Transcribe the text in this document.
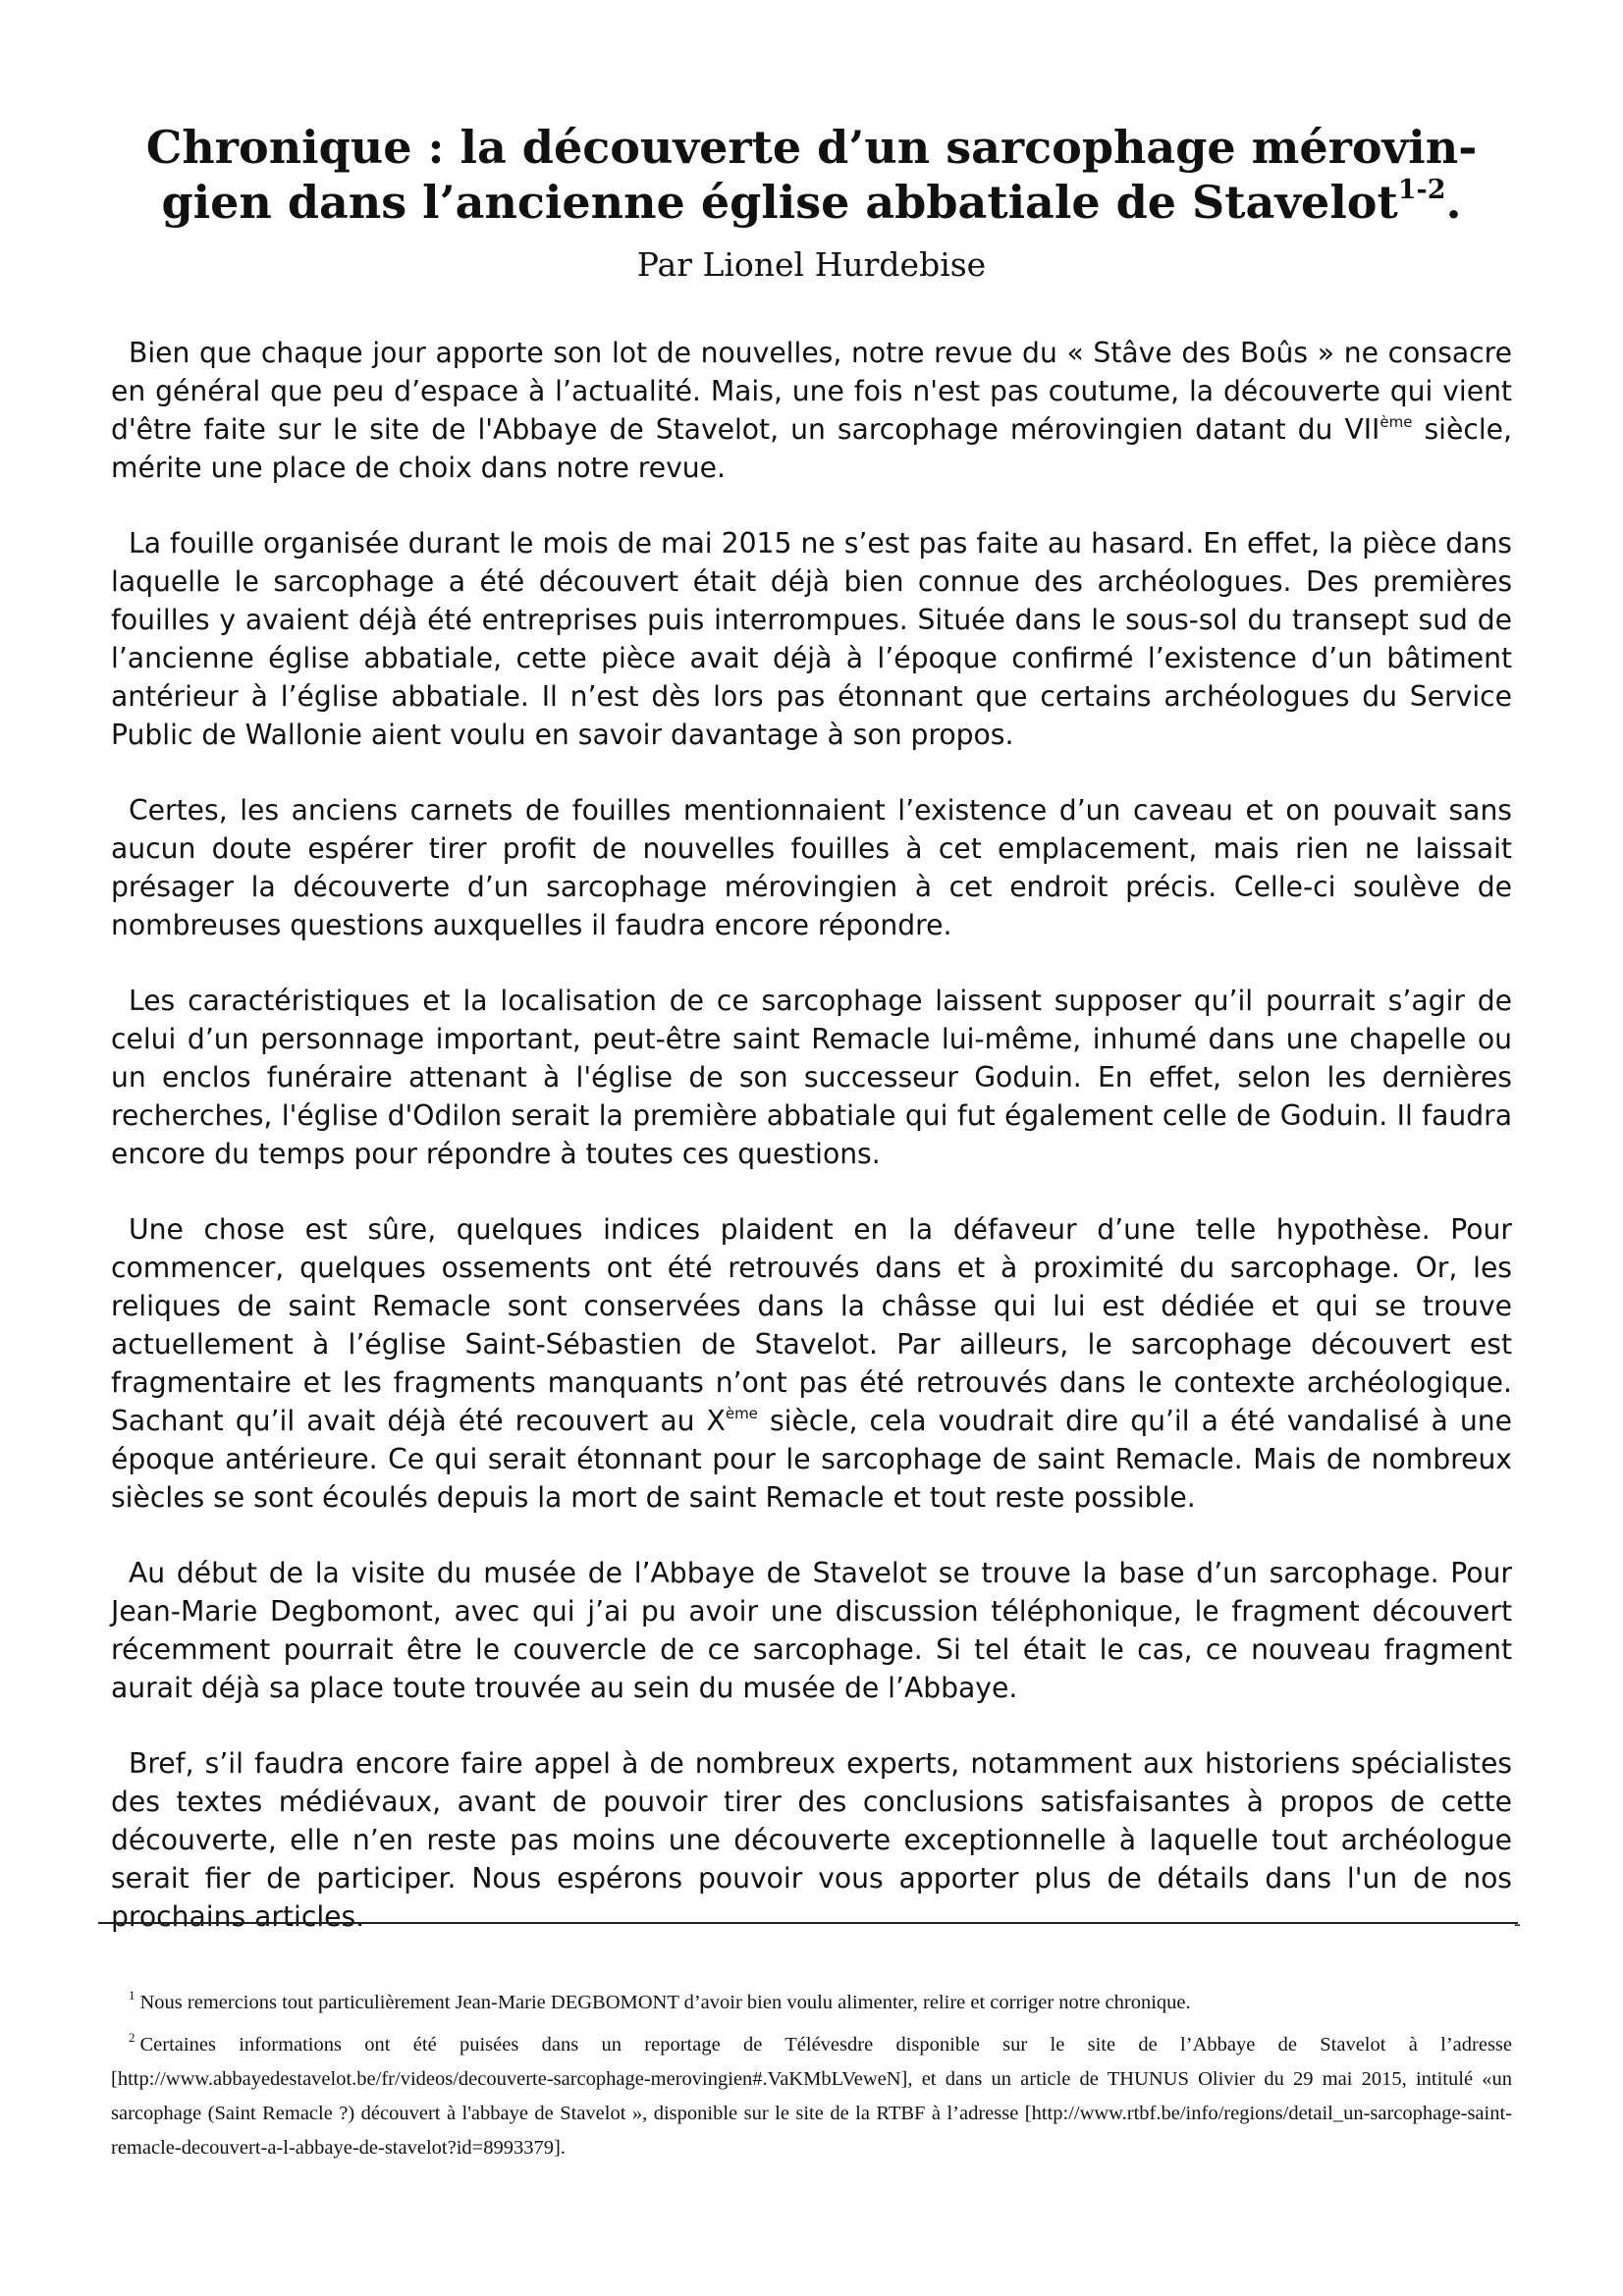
Chronique : la découverte d’un sarcophage mérovin-
gien dans l’ancienne église abbatiale de Stavelot$^{1-2}$.
Par Lionel Hurdebise

Bien que chaque jour apporte son lot de nouvelles, notre revue du « Stâve des Boûs » ne consacre en général que peu d’espace à l’actualité. Mais, une fois n'est pas coutume, la découverte qui vient d'être faite sur le site de l'Abbaye de Stavelot, un sarcophage mérovingien datant du VIIème siècle, mérite une place de choix dans notre revue.

La fouille organisée durant le mois de mai 2015 ne s’est pas faite au hasard. En effet, la pièce dans laquelle le sarcophage a été découvert était déjà bien connue des archéologues. Des premières fouilles y avaient déjà été entreprises puis interrompues. Située dans le sous-sol du transept sud de l’ancienne église abbatiale, cette pièce avait déjà à l’époque confirmé l’existence d’un bâtiment antérieur à l’église abbatiale. Il n’est dès lors pas étonnant que certains archéologues du Service Public de Wallonie aient voulu en savoir davantage à son propos.

Certes, les anciens carnets de fouilles mentionnaient l’existence d’un caveau et on pouvait sans aucun doute espérer tirer profit de nouvelles fouilles à cet emplacement, mais rien ne laissait présager la découverte d’un sarcophage mérovingien à cet endroit précis. Celle-ci soulève de nombreuses questions auxquelles il faudra encore répondre.

Les caractéristiques et la localisation de ce sarcophage laissent supposer qu’il pourrait s’agir de celui d’un personnage important, peut-être saint Remacle lui-même, inhumé dans une chapelle ou un enclos funéraire attenant à l'église de son successeur Goduin. En effet, selon les dernières recherches, l'église d'Odilon serait la première abbatiale qui fut également celle de Goduin. Il faudra encore du temps pour répondre à toutes ces questions.

Une chose est sûre, quelques indices plaident en la défaveur d’une telle hypothèse. Pour commencer, quelques ossements ont été retrouvés dans et à proximité du sarcophage. Or, les reliques de saint Remacle sont conservées dans la châsse qui lui est dédiée et qui se trouve actuellement à l’église Saint-Sébastien de Stavelot. Par ailleurs, le sarcophage découvert est fragmentaire et les fragments manquants n’ont pas été retrouvés dans le contexte archéologique. Sachant qu’il avait déjà été recouvert au Xème siècle, cela voudrait dire qu’il a été vandalisé à une époque antérieure. Ce qui serait étonnant pour le sarcophage de saint Remacle. Mais de nombreux siècles se sont écoulés depuis la mort de saint Remacle et tout reste possible.

Au début de la visite du musée de l’Abbaye de Stavelot se trouve la base d’un sarcophage. Pour Jean-Marie Degbomont, avec qui j’ai pu avoir une discussion téléphonique, le fragment découvert récemment pourrait être le couvercle de ce sarcophage. Si tel était le cas, ce nouveau fragment aurait déjà sa place toute trouvée au sein du musée de l’Abbaye.

Bref, s’il faudra encore faire appel à de nombreux experts, notamment aux historiens spécialistes des textes médiévaux, avant de pouvoir tirer des conclusions satisfaisantes à propos de cette découverte, elle n’en reste pas moins une découverte exceptionnelle à laquelle tout archéologue serait fier de participer. Nous espérons pouvoir vous apporter plus de détails dans l'un de nos prochains articles.	-

$^1$ Nous remercions tout particulièrement Jean-Marie DEGBOMONT d’avoir bien voulu alimenter, relire et corriger notre chronique.

$^2$ Certaines informations ont été puisées dans un reportage de Télévesdre disponible sur le site de l’Abbaye de Stavelot à l’adresse [http://www.abbayedestavelot.be/fr/videos/decouverte-sarcophage-merovingien#.VaKMbLVeweN], et dans un article de THUNUS Olivier du 29 mai 2015, intitulé «un sarcophage (Saint Remacle ?) découvert à l'abbaye de Stavelot », disponible sur le site de la RTBF à l’adresse [http://www.rtbf.be/info/regions/detail_un-sarcophage-saint-remacle-decouvert-a-l-abbaye-de-stavelot?id=8993379].
